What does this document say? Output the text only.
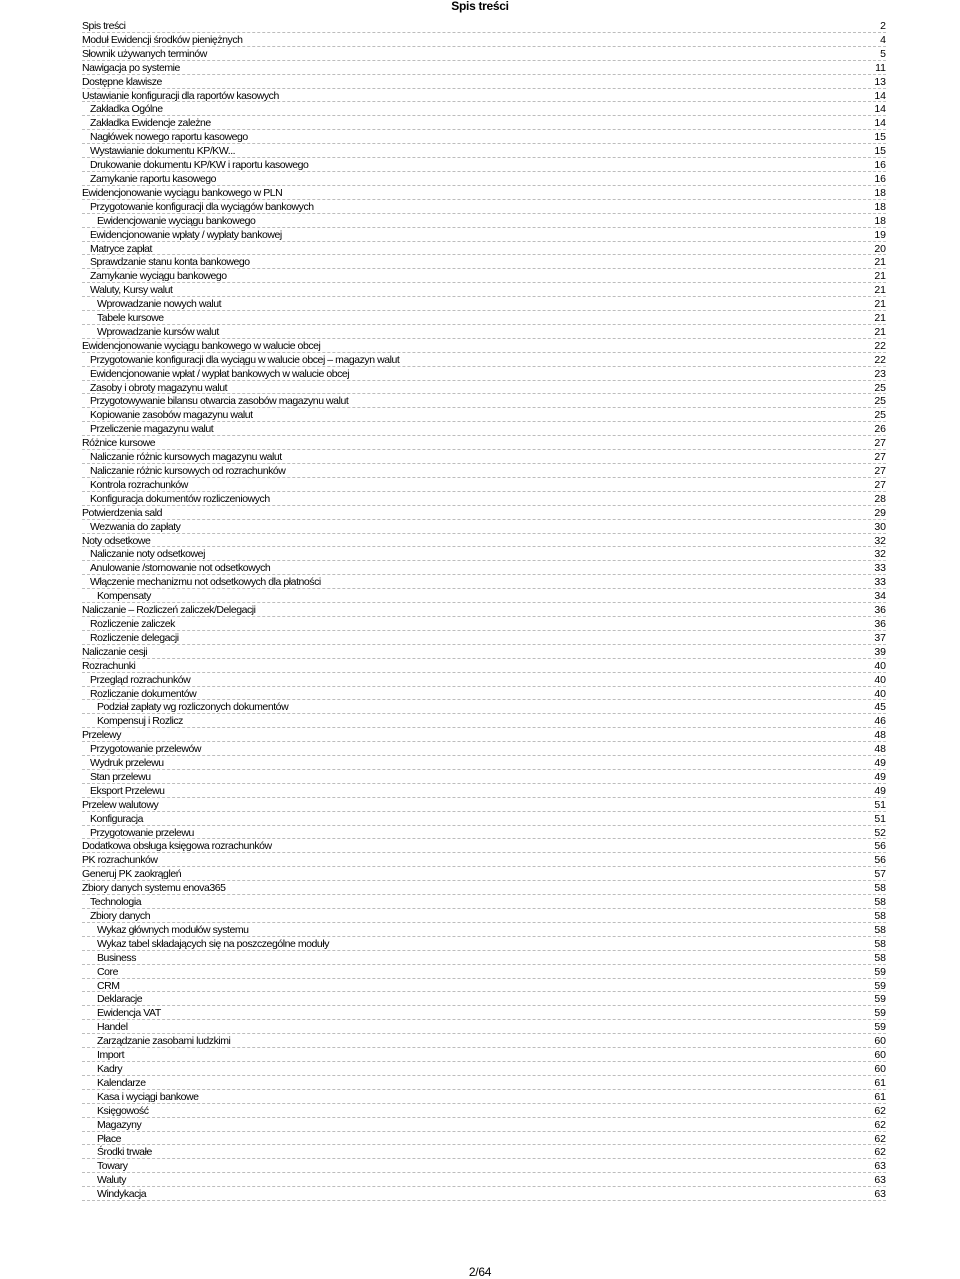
Spis treści
Spis treści	2
Moduł Ewidencji środków pieniężnych	4
Słownik używanych terminów	5
Nawigacja po systemie	11
Dostępne klawisze	13
Ustawianie konfiguracji dla raportów kasowych	14
Zakładka Ogólne	14
Zakładka Ewidencje zależne	14
Nagłówek nowego raportu kasowego	15
Wystawianie dokumentu KP/KW...	15
Drukowanie dokumentu KP/KW i raportu kasowego	16
Zamykanie raportu kasowego	16
Ewidencjonowanie wyciągu bankowego w PLN	18
Przygotowanie konfiguracji dla wyciągów bankowych	18
Ewidencjowanie wyciągu bankowego	18
Ewidencjonowanie wpłaty / wypłaty bankowej	19
Matryce zapłat	20
Sprawdzanie stanu konta bankowego	21
Zamykanie wyciągu bankowego	21
Waluty, Kursy walut	21
Wprowadzanie nowych walut	21
Tabele kursowe	21
Wprowadzanie kursów walut	21
Ewidencjonowanie wyciągu bankowego w walucie obcej	22
Przygotowanie konfiguracji dla wyciągu w walucie obcej – magazyn walut	22
Ewidencjonowanie wpłat / wypłat bankowych w walucie obcej	23
Zasoby i obroty magazynu walut	25
Przygotowywanie bilansu otwarcia zasobów magazynu walut	25
Kopiowanie zasobów magazynu walut	25
Przeliczenie magazynu walut	26
Różnice kursowe	27
Naliczanie różnic kursowych magazynu walut	27
Naliczanie różnic kursowych od rozrachunków	27
Kontrola rozrachunków	27
Konfiguracja dokumentów rozliczeniowych	28
Potwierdzenia sald	29
Wezwania do zapłaty	30
Noty odsetkowe	32
Naliczanie noty odsetkowej	32
Anulowanie /stornowanie not odsetkowych	33
Włączenie mechanizmu not odsetkowych dla płatności	33
Kompensaty	34
Naliczanie – Rozliczeń zaliczek/Delegacji	36
Rozliczenie zaliczek	36
Rozliczenie delegacji	37
Naliczanie cesji	39
Rozrachunki	40
Przegląd rozrachunków	40
Rozliczanie dokumentów	40
Podział zapłaty wg rozliczonych dokumentów	45
Kompensuj i Rozlicz	46
Przelewy	48
Przygotowanie przelewów	48
Wydruk przelewu	49
Stan przelewu	49
Eksport Przelewu	49
Przelew walutowy	51
Konfiguracja	51
Przygotowanie przelewu	52
Dodatkowa obsługa księgowa rozrachunków	56
PK rozrachunków	56
Generuj PK zaokrągleń	57
Zbiory danych systemu enova365	58
Technologia	58
Zbiory danych	58
Wykaz głównych modułów systemu	58
Wykaz tabel składających się na poszczególne moduły	58
Business	58
Core	59
CRM	59
Deklaracje	59
Ewidencja VAT	59
Handel	59
Zarządzanie zasobami ludzkimi	60
Import	60
Kadry	60
Kalendarze	61
Kasa i wyciągi bankowe	61
Księgowość	62
Magazyny	62
Płace	62
Środki trwałe	62
Towary	63
Waluty	63
Windykacja	63
2/64
